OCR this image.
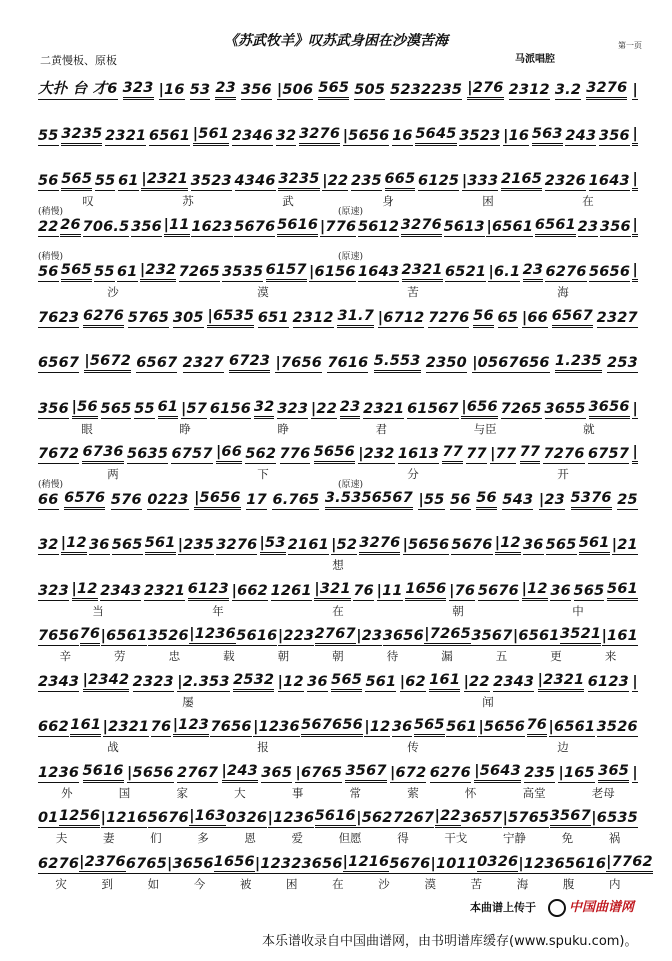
《苏武牧羊》叹苏武身困在沙漠苦海
二黄慢板、原板	马派唱腔
第一页
大扑 台 才6 323 |16 53 23 356 |506 565 505 5232235 |276 2312 3.2 3276 |
55 3235 2321 6561 |561 2346 32 3276 |5656 16 5645 3523 |16 563 243 356 |
56 565 55 61 |2321 3523 4346 3235 |22 235 665 6125 |333 2165 2326 1643 |
叹	苏	武	身	困	在
22 26 706.5 356 |11 1623 5676 5616 |776 5612 3276 5613 |6561 6561 23 356 |
(稍慢)	(原速)
56 565 55 61 |232 7265 3535 6157 |6156 1643 2321 6521 |6.1 23 6276 5656 |
沙	漠	苦	海
(稍慢)	(原速)
7623 6276 5765 305 |6535 651 2312 31.7 |6712 7276 56 65 |66 6567 2327
6567 |5672 6567 2327 6723 |7656 7616 5.553 2350 |0567656 1.235 253
356 |56 565 55 61 |57 6156 32 323 |22 23 2321 61567 |656 7265 3655 3656 |
眼	睁	睁	君	与臣	就
7672 6736 5635 6757 |66 562 776 5656 |232 1613 77 77 |77 77 7276 6757 |
两	下	分	开
66 6576 576 0223 |5656 17 6.765 3.5356567 |55 56 56 543 |23 5376 25
(稍慢)	(原速)
32 |12 36 565 561 |235 3276 |53 2161 |52 3276 |5656 5676 |12 36 565 561 |21
想
323 |12 2343 2321 6123 |662 1261 |321 76 |11 1656 |76 5676 |12 36 565 561
当	年	在	朝	中
7656 76 |6561 3526 |1236 5616 |223 2767 |23 3656 |7265 3567 |6561 3521 |161
辛	劳	忠	载	朝	朝	待	漏	五	更	来
2343 |2342 2323 |2.353 2532 |12 36 565 561 |62 161 |22 2343 |2321 6123 |
屡	闻
662 161 |2321 76 |123 7656 |1236 567656 |12 36 565 561 |5656 76 |6561 3526
战	报	传	边
1236 5616 |5656 2767 |243 365 |6765 3567 |672 6276 |5643 235 |165 365 |
外	国	家	大	事	常	萦	怀	高堂	老母
01 1256 |1216 5676 |163 0326 |1236 5616 |562 7267 |22 3657 |5765 3567 |6535
夫	妻	们	多	恩	爱	但愿	得	干戈	宁静	免	祸
6276 |2376 6765 |3656 1656 |1232 3656 |1216 5676 |1011 0326 |1236 5616 |7762
灾	到	如	今	被	困	在	沙	漠	苦	海	腹	内
本曲谱上传于	中国曲谱网
本乐谱收录自中国曲谱网，由书明谱库缓存(www.spuku.com)。
